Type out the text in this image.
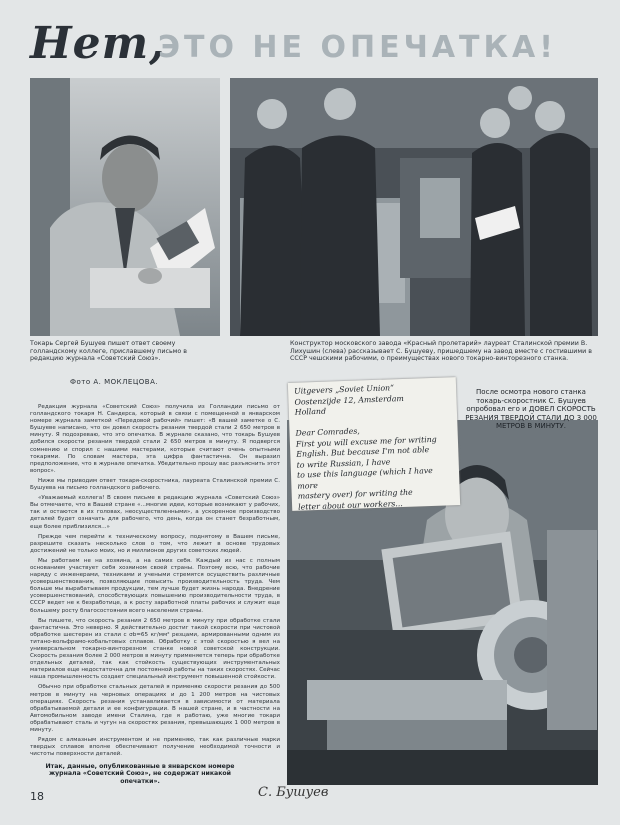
Нет,
ЭТО НЕ ОПЕЧАТКА!
Токарь Сергей Бушуев пишет ответ своему голландскому коллеге, приславшему письмо в редакцию журнала «Советский Союз».
Фото А. МОКЛЕЦОВА.
Конструктор московского завода «Красный пролетарий» лауреат Сталинской премии В. Лихушин (слева) рассказывает С. Бушуеву, пришедшему на завод вместе с гостившими в СССР чешскими рабочими, о преимуществах нового токарно-винторезного станка.
Uitgevers „Soviet Union“
Oostenzijde 12, Amsterdam
Holland

Dear Comrades,
First you will excuse me for writing
English. But because I'm not able
to write Russian, I have
to use this language (which I have more
mastery over) for writing the
letter about our workers...
После осмотра нового станка токарь-скоростник С. Бушуев опробовал его и ДОВЕЛ СКОРОСТЬ РЕЗАНИЯ ТВЕРДОЙ СТАЛИ ДО 3 000 МЕТРОВ В МИНУТУ.

Редакция журнала «Советский Союз» получила из Голландии письмо от голландского токаря Н. Сандерса, который в связи с помещенной в январском номере журнала заметкой «Передовой рабочий» пишет: «В вашей заметке о С. Бушуеве написано, что он довел скорость резания твердой стали 2 650 метров в минуту. Я подозреваю, что это опечатка. В журнале сказано, что токарь Бушуев добился скорости резания твердой стали 2 650 метров в минуту. Я подвергся сомнению и спорил с нашими мастерами, которые считают очень опытными токарями. По словам мастера, эта цифра фантастична. Он выразил предположение, что в журнале опечатка. Убедительно прошу вас разъяснить этот вопрос».

Ниже мы приводим ответ токаря-скоростника, лауреата Сталинской премии С. Бушуева на письмо голландского рабочего.

«Уважаемый коллега! В своем письме в редакцию журнала «Советский Союз» Вы отмечаете, что в Вашей стране «...многие идеи, которые возникают у рабочих, так и остаются в их головах, неосуществленными», а ускоренное производство деталей будет означать для рабочего, что день, когда он станет безработным, еще более приблизился...»

Прежде чем перейти к техническому вопросу, поднятому в Вашем письме, разрешите сказать несколько слов о том, что лежит в основе трудовых достижений не только моих, но и миллионов других советских людей.

Мы работаем не на хозяина, а на самих себя. Каждый из нас с полным основанием участвует себя хозяином своей страны. Поэтому всю, что рабочие наряду с инженерами, техниками и учеными стремятся осуществить различные усовершенствования, позволяющие повысить производительность труда. Чем больше мы вырабатываем продукции, тем лучше будет жизнь народа. Внедрение усовершенствований, способствующих повышению производительности труда, в СССР ведет не к безработице, а к росту заработной платы рабочих и служит еще большему росту благосостояния всего населения страны.

Вы пишете, что скорость резания 2 650 метров в минуту при обработке стали фантастична. Это неверно. Я действительно достиг такой скорости при чистовой обработке шестерен из стали с σb=65 кг/мм² резцами, армированными одним из титано-вольфрамо-кобальтовых сплавов. Обработку с этой скоростью я вел на универсальном токарно-винторезном станке новой советской конструкции. Скорость резания более 2 000 метров в минуту применяется теперь при обработке отдельных деталей, так как стойкость существующих инструментальных материалов еще недостаточна для постоянной работы на таких скоростях. Сейчас наша промышленность создает специальный инструмент повышенной стойкости.

Обычно при обработке стальных деталей я применяю скорости резания до 500 метров в минуту на черновых операциях и до 1 200 метров на чистовых операциях. Скорость резания устанавливается в зависимости от материала обрабатываемой детали и ее конфигурации. В нашей стране, и в частности на Автомобильном заводе имени Сталина, где я работаю, уже многие токари обрабатывают сталь и чугун на скоростях резания, превышающих 1 000 метров в минуту.

Рядом с алмазным инструментом и не применяю, так как различные марки твердых сплавов вполне обеспечивают получение необходимой точности и чистоты поверхности деталей.

Итак, данные, опубликованные в январском номере журнала «Советский Союз», не содержат никакой опечатки».
С. Бушуев
18
